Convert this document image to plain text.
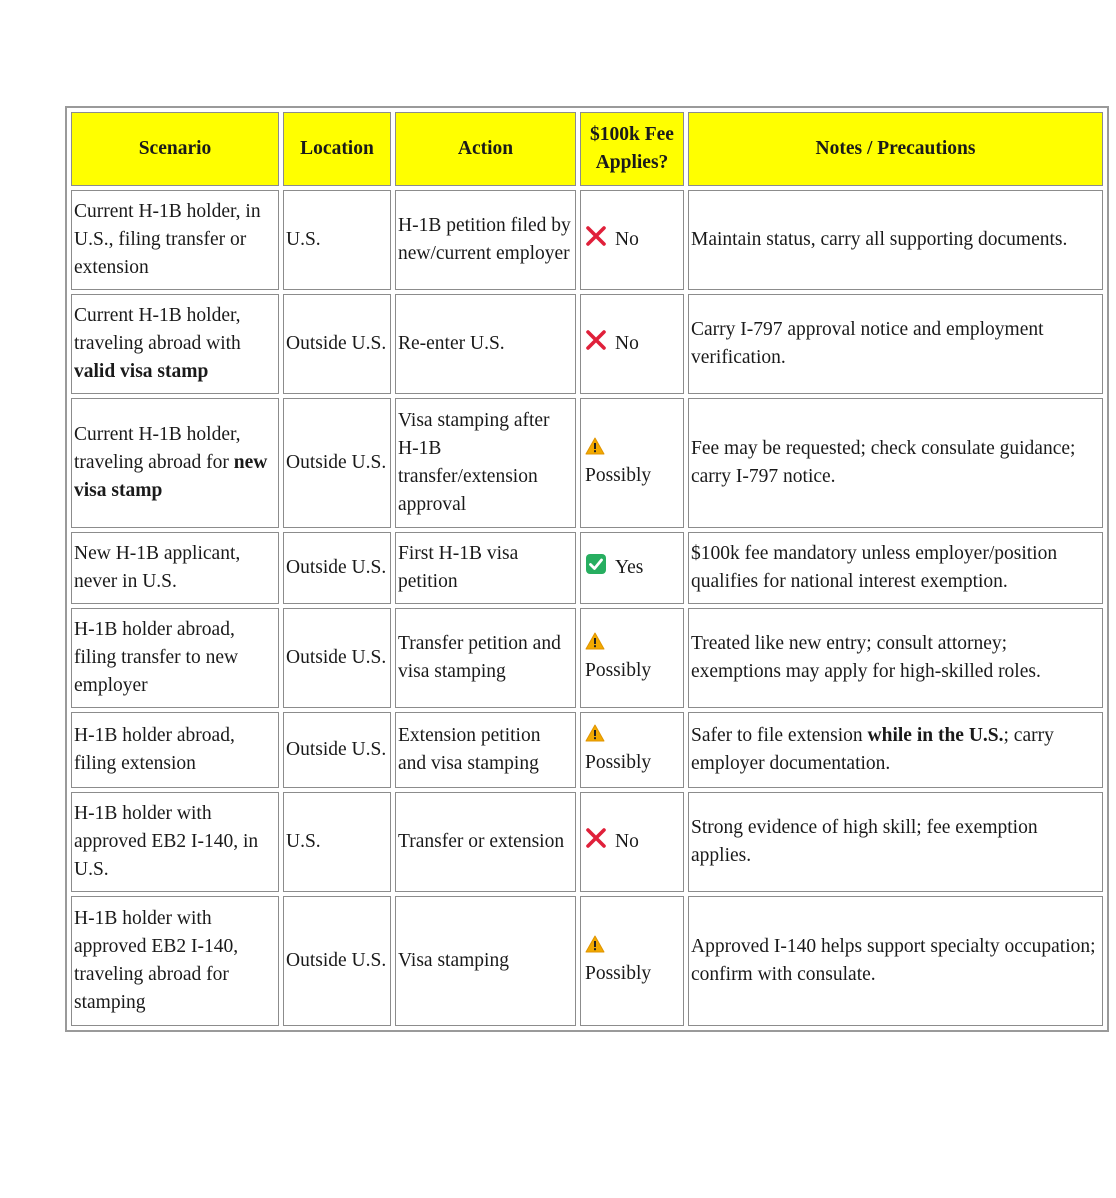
Scenario	Location	Action	$100k Fee Applies?	Notes / Precautions
Current H-1B holder, in U.S., filing transfer or extension	U.S.	H-1B petition filed by new/current employer	No	Maintain status, carry all supporting documents.
Current H-1B holder, traveling abroad with valid visa stamp	Outside U.S.	Re-enter U.S.	No	Carry I-797 approval notice and employment verification.
Current H-1B holder, traveling abroad for new visa stamp	Outside U.S.	Visa stamping after H-1B transfer/extension approval	Possibly	Fee may be requested; check consulate guidance; carry I-797 notice.
New H-1B applicant, never in U.S.	Outside U.S.	First H-1B visa petition	Yes	$100k fee mandatory unless employer/position qualifies for national interest exemption.
H-1B holder abroad, filing transfer to new employer	Outside U.S.	Transfer petition and visa stamping	Possibly	Treated like new entry; consult attorney; exemptions may apply for high-skilled roles.
H-1B holder abroad, filing extension	Outside U.S.	Extension petition and visa stamping	Possibly	Safer to file extension while in the U.S.; carry employer documentation.
H-1B holder with approved EB2 I-140, in U.S.	U.S.	Transfer or extension	No	Strong evidence of high skill; fee exemption applies.
H-1B holder with approved EB2 I-140, traveling abroad for stamping	Outside U.S.	Visa stamping	Possibly	Approved I-140 helps support specialty occupation; confirm with consulate.
